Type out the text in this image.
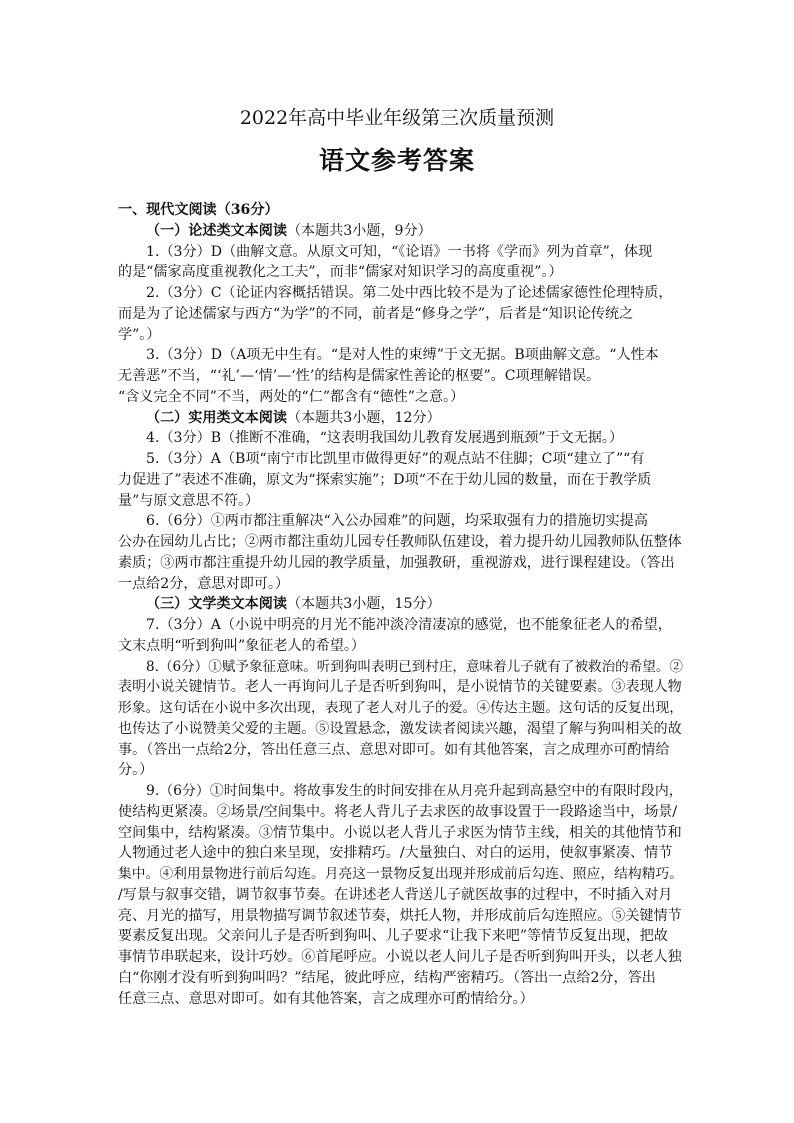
2022年高中毕业年级第三次质量预测
语文参考答案
一、现代文阅读（36分）
（一）论述类文本阅读（本题共3小题，9分）
1.（3分）D（曲解文意。从原文可知，“《论语》一书将《学而》列为首章”，体现
的是“儒家高度重视教化之工夫”，而非“儒家对知识学习的高度重视”。）
2.（3分）C（论证内容概括错误。第二处中西比较不是为了论述儒家德性伦理特质，
而是为了论述儒家与西方“为学”的不同，前者是“修身之学”，后者是“知识论传统之
学”。）
3.（3分）D（A项无中生有。“是对人性的束缚”于文无据。B项曲解文意。“人性本
无善恶”不当，“‘礼’—‘情’—‘性’的结构是儒家性善论的枢要”。C项理解错误。
“含义完全不同”不当，两处的“仁”都含有“德性”之意。）
（二）实用类文本阅读（本题共3小题，12分）
4.（3分）B（推断不准确，“这表明我国幼儿教育发展遇到瓶颈”于文无据。）
5.（3分）A（B项“南宁市比凯里市做得更好”的观点站不住脚；C项“建立了”“有
力促进了”表述不准确，原文为“探索实施”；D项“不在于幼儿园的数量，而在于教学质
量”与原文意思不符。）
6.（6分）①两市都注重解决“入公办园难”的问题，均采取强有力的措施切实提高
公办在园幼儿占比；②两市都注重幼儿园专任教师队伍建设，着力提升幼儿园教师队伍整体
素质；③两市都注重提升幼儿园的教学质量，加强教研，重视游戏，进行课程建设。（答出
一点给2分，意思对即可。）
（三）文学类文本阅读（本题共3小题，15分）
7.（3分）A（小说中明亮的月光不能冲淡冷清凄凉的感觉，也不能象征老人的希望，
文末点明“听到狗叫”象征老人的希望。）
8.（6分）①赋予象征意味。听到狗叫表明已到村庄，意味着儿子就有了被救治的希望。②
表明小说关键情节。老人一再询问儿子是否听到狗叫，是小说情节的关键要素。③表现人物
形象。这句话在小说中多次出现，表现了老人对儿子的爱。④传达主题。这句话的反复出现，
也传达了小说赞美父爱的主题。⑤设置悬念，激发读者阅读兴趣，渴望了解与狗叫相关的故
事。（答出一点给2分，答出任意三点、意思对即可。如有其他答案，言之成理亦可酌情给
分。）
9.（6分）①时间集中。将故事发生的时间安排在从月亮升起到高悬空中的有限时段内，
使结构更紧凑。②场景/空间集中。将老人背儿子去求医的故事设置于一段路途当中，场景/
空间集中，结构紧凑。③情节集中。小说以老人背儿子求医为情节主线，相关的其他情节和
人物通过老人途中的独白来呈现，安排精巧。/大量独白、对白的运用，使叙事紧凑、情节
集中。④利用景物进行前后勾连。月亮这一景物反复出现并形成前后勾连、照应，结构精巧。
/写景与叙事交错，调节叙事节奏。在讲述老人背送儿子就医故事的过程中，不时插入对月
亮、月光的描写，用景物描写调节叙述节奏，烘托人物，并形成前后勾连照应。⑤关键情节
要素反复出现。父亲问儿子是否听到狗叫、儿子要求“让我下来吧”等情节反复出现，把故
事情节串联起来，设计巧妙。⑥首尾呼应。小说以老人问儿子是否听到狗叫开头，以老人独
白“你刚才没有听到狗叫吗？”结尾，彼此呼应，结构严密精巧。（答出一点给2分，答出
任意三点、意思对即可。如有其他答案，言之成理亦可酌情给分。）
